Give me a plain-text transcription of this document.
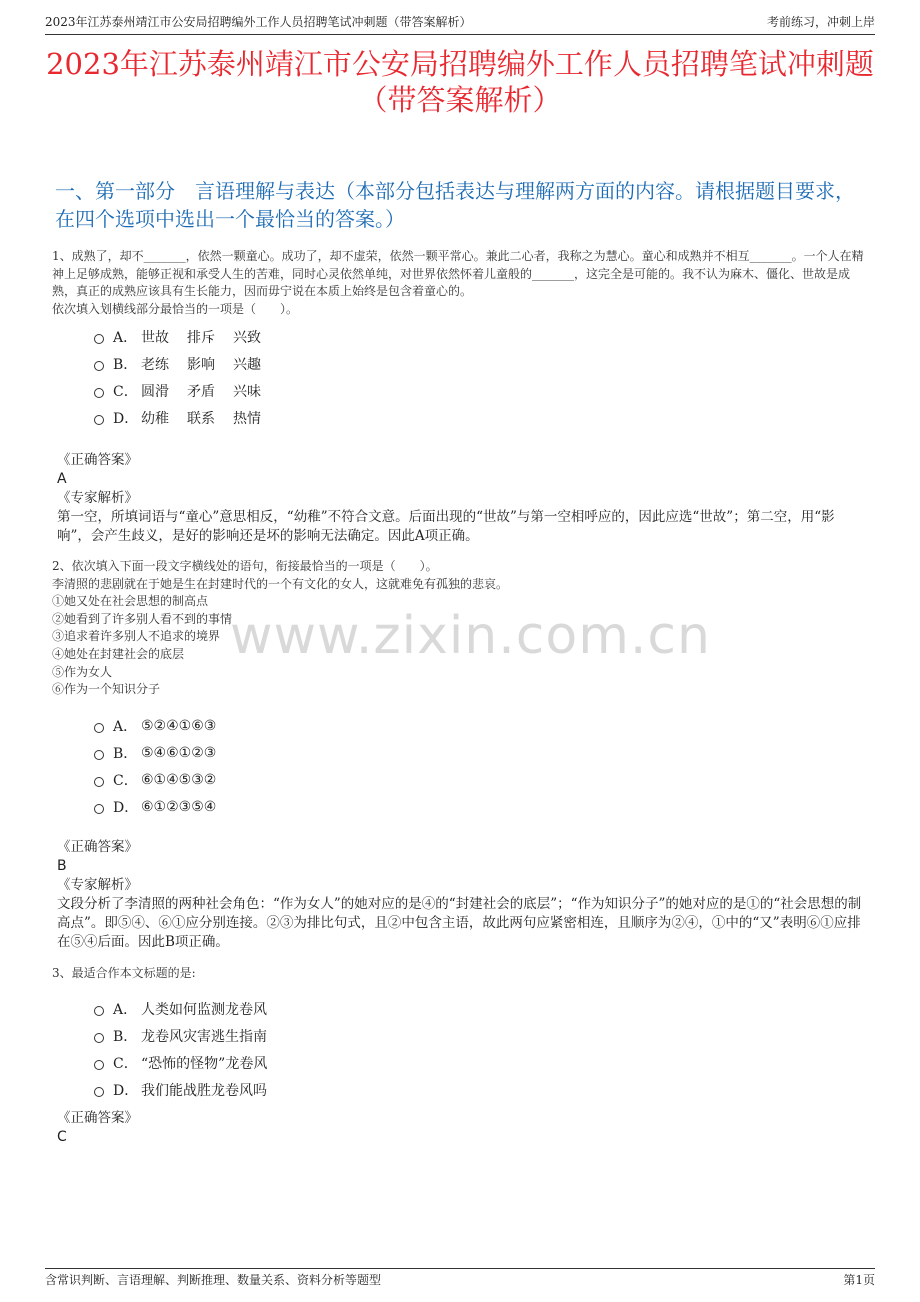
2023年江苏泰州靖江市公安局招聘编外工作人员招聘笔试冲刺题（带答案解析）	考前练习，冲刺上岸
2023年江苏泰州靖江市公安局招聘编外工作人员招聘笔试冲刺题（带答案解析）
一、第一部分　言语理解与表达（本部分包括表达与理解两方面的内容。请根据题目要求，在四个选项中选出一个最恰当的答案。）
1、成熟了，却不_______，依然一颗童心。成功了，却不虚荣，依然一颗平常心。兼此二心者，我称之为慧心。童心和成熟并不相互_______。一个人在精神上足够成熟，能够正视和承受人生的苦难，同时心灵依然单纯，对世界依然怀着儿童般的_______，这完全是可能的。我不认为麻木、僵化、世故是成熟，真正的成熟应该具有生长能力，因而毋宁说在本质上始终是包含着童心的。
依次填入划横线部分最恰当的一项是（　　）。
A． 世故 排斥 兴致
B． 老练 影响 兴趣
C． 圆滑 矛盾 兴味
D． 幼稚 联系 热情
《正确答案》
A
《专家解析》
第一空，所填词语与“童心”意思相反，“幼稚”不符合文意。后面出现的“世故”与第一空相呼应的，因此应选“世故”；第二空，用“影响”，会产生歧义，是好的影响还是坏的影响无法确定。因此A项正确。
2、依次填入下面一段文字横线处的语句，衔接最恰当的一项是（　　）。
李清照的悲剧就在于她是生在封建时代的一个有文化的女人，这就难免有孤独的悲哀。
①她又处在社会思想的制高点
②她看到了许多别人看不到的事情
③追求着许多别人不追求的境界
④她处在封建社会的底层
⑤作为女人
⑥作为一个知识分子
A． ⑤②④①⑥③
B． ⑤④⑥①②③
C． ⑥①④⑤③②
D． ⑥①②③⑤④
《正确答案》
B
《专家解析》
文段分析了李清照的两种社会角色：“作为女人”的她对应的是④的“封建社会的底层”；“作为知识分子”的她对应的是①的“社会思想的制高点”。即⑤④、⑥①应分别连接。②③为排比句式，且②中包含主语，故此两句应紧密相连，且顺序为②④，①中的“又”表明⑥①应排在⑤④后面。因此B项正确。
3、最适合作本文标题的是:
A． 人类如何监测龙卷风
B． 龙卷风灾害逃生指南
C． “恐怖的怪物”龙卷风
D． 我们能战胜龙卷风吗
《正确答案》
C
www.zixin.com.cn
含常识判断、言语理解、判断推理、数量关系、资料分析等题型	第1页
